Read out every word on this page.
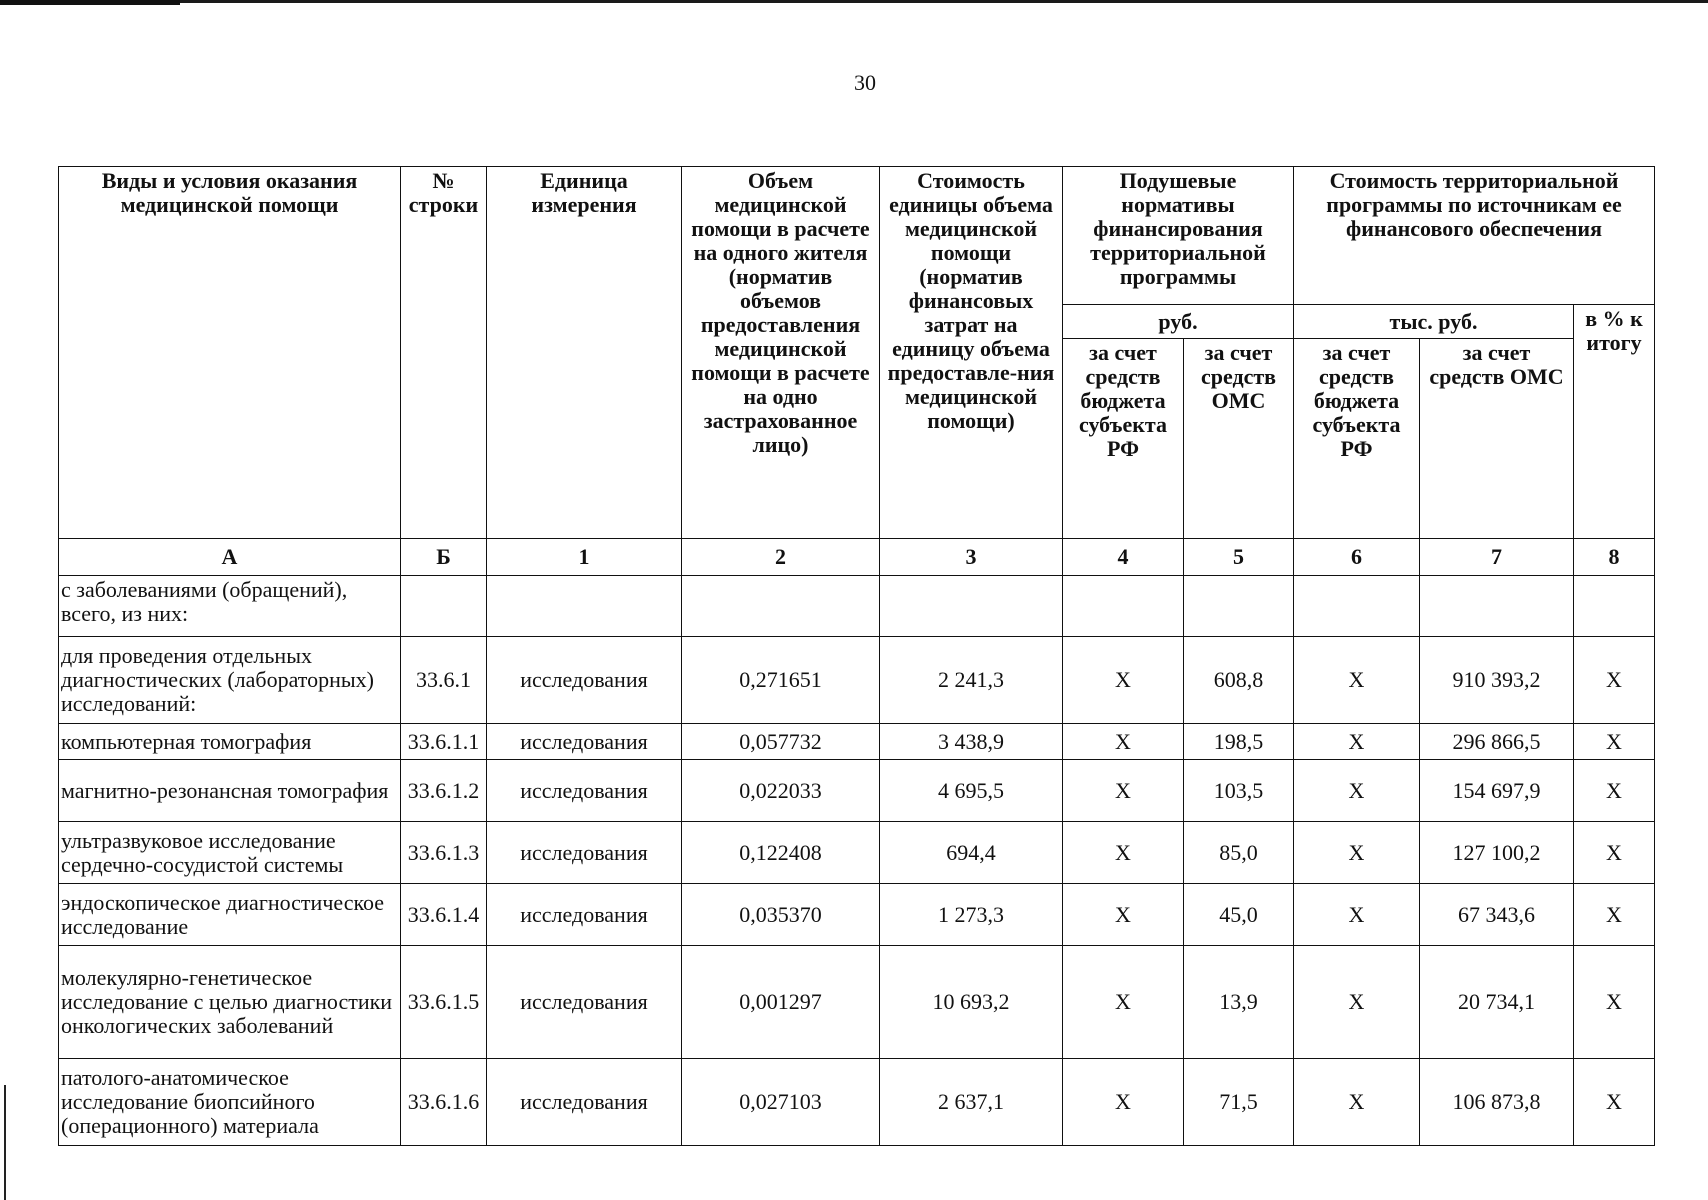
30
Виды и условия оказания медицинской помощи	№ строки	Единица измерения	Объем медицинской помощи в расчете на одного жителя (норматив объемов предоставления медицинской помощи в расчете на одно застрахованное лицо)	Стоимость единицы объема медицинской помощи (норматив финансовых затрат на единицу объема предоставле-ния медицинской помощи)	Подушевые нормативы финансирования территориальной программы		Стоимость территориальной программы по источникам ее финансового обеспечения		
					руб.		тыс. руб.		в % к итогу
					за счет средств бюджета субъекта РФ	за счет средств ОМС	за счет средств бюджета субъекта РФ	за счет средств ОМС	
А	Б	1	2	3	4	5	6	7	8
с заболеваниями (обращений), всего, из них:									
для проведения отдельных диагностических (лабораторных) исследований:	33.6.1	исследования	0,271651	2 241,3	X	608,8	X	910 393,2	X
компьютерная томография	33.6.1.1	исследования	0,057732	3 438,9	X	198,5	X	296 866,5	X
магнитно-резонансная томография	33.6.1.2	исследования	0,022033	4 695,5	X	103,5	X	154 697,9	X
ультразвуковое исследование сердечно-сосудистой системы	33.6.1.3	исследования	0,122408	694,4	X	85,0	X	127 100,2	X
эндоскопическое диагностическое исследование	33.6.1.4	исследования	0,035370	1 273,3	X	45,0	X	67 343,6	X
молекулярно-генетическое исследование с целью диагностики онкологических заболеваний	33.6.1.5	исследования	0,001297	10 693,2	X	13,9	X	20 734,1	X
патолого-анатомическое исследование биопсийного (операционного) материала	33.6.1.6	исследования	0,027103	2 637,1	X	71,5	X	106 873,8	X
